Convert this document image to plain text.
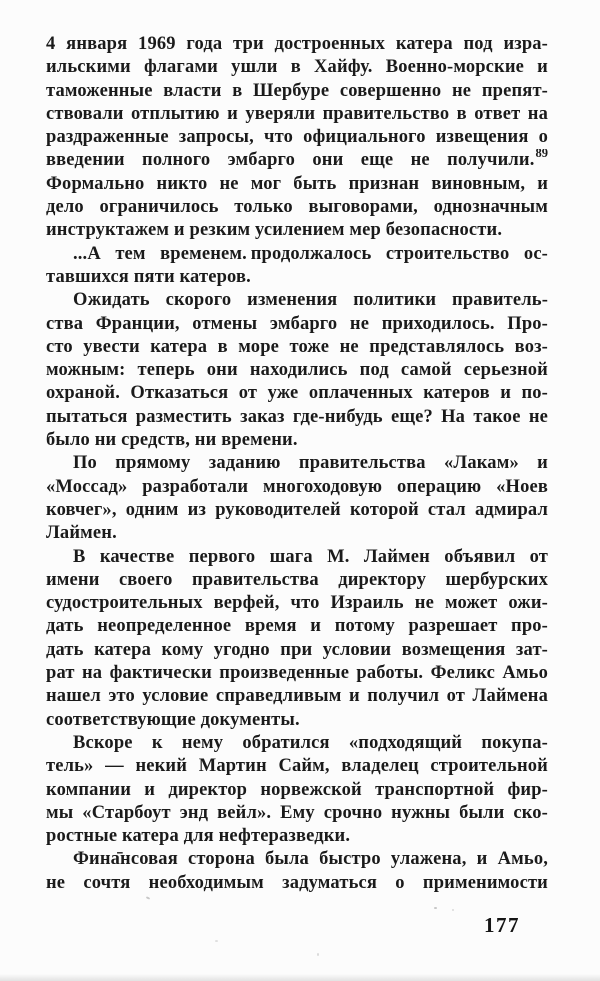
4 января 1969 года три достроенных катера под изра-
ильскими флагами ушли в Хайфу. Военно-морские и
таможенные власти в Шербуре совершенно не препят-
ствовали отплытию и уверяли правительство в ответ на
раздраженные запросы, что официального извещения о
введении полного эмбарго они еще не получили.$^{89}$
Формально никто не мог быть признан виновным, и
дело ограничилось только выговорами, однозначным
инструктажем и резким усилением мер безопасности.
...А тем временем. продолжалось строительство ос-
тавшихся пяти катеров.
Ожидать скорого изменения политики правитель-
ства Франции, отмены эмбарго не приходилось. Про-
сто увести катера в море тоже не представлялось воз-
можным: теперь они находились под самой серьезной
охраной. Отказаться от уже оплаченных катеров и по-
пытаться разместить заказ где-нибудь еще? На такое не
было ни средств, ни времени.
По прямому заданию правительства «Лакам» и
«Моссад» разработали многоходовую операцию «Ноев
ковчег», одним из руководителей которой стал адмирал
Лаймен.
В качестве первого шага М. Лаймен объявил от
имени своего правительства директору шербурских
судостроительных верфей, что Израиль не может ожи-
дать неопределенное время и потому разрешает про-
дать катера кому угодно при условии возмещения зат-
рат на фактически произведенные работы. Феликс Амьо
нашел это условие справедливым и получил от Лаймена
соответствующие документы.
Вскоре к нему обратился «подходящий покупа-
тель» — некий Мартин Сайм, владелец строительной
компании и директор норвежской транспортной фир-
мы «Старбоут энд вейл». Ему срочно нужны были ско-
ростные катера для нефтеразведки.
Фина̄нсовая сторона была быстро улажена, и Амьо,
не сочтя необходимым задуматься о применимости
177
